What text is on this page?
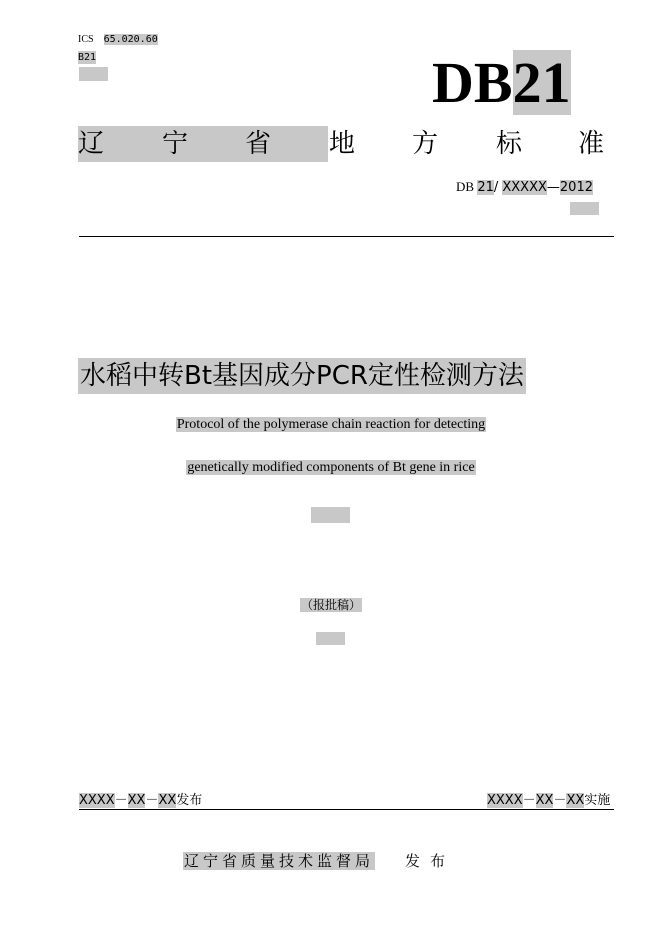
ICS 65.020.60
B21	DB21
辽 宁 省 地 方 标 准
DB 21/ XXXXX—2012
水稻中转Bt基因成分PCR定性检测方法
Protocol of the polymerase chain reaction for detecting
genetically modified components of Bt gene in rice
（报批稿）
XXXX－XX－XX发布	XXXX－XX－XX实施
辽宁省质量技术监督局 发布
